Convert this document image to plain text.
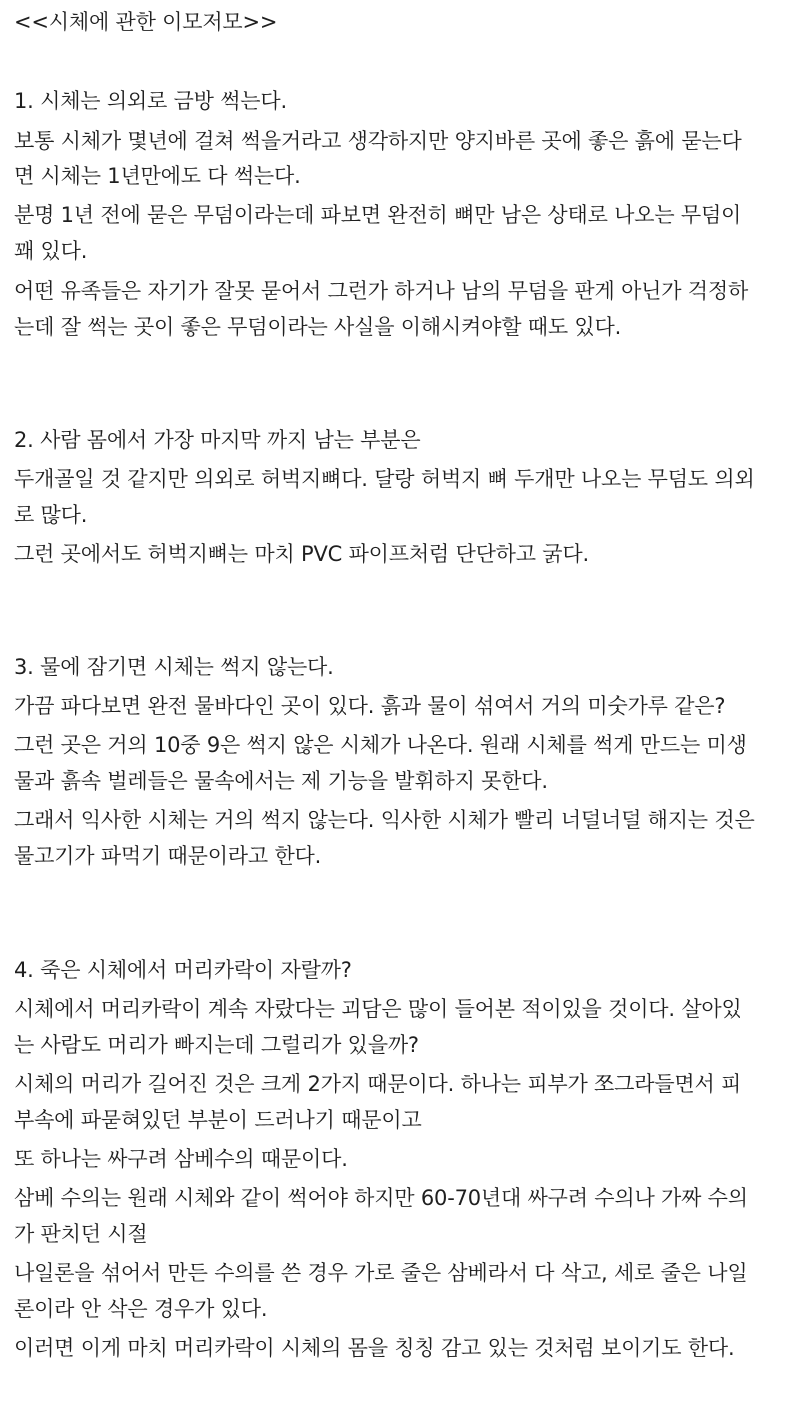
<<시체에 관한 이모저모>>
1. 시체는 의외로 금방 썩는다.
보통 시체가 몇년에 걸쳐 썩을거라고 생각하지만 양지바른 곳에 좋은 흙에 묻는다
면 시체는 1년만에도 다 썩는다.
분명 1년 전에 묻은 무덤이라는데 파보면 완전히 뼈만 남은 상태로 나오는 무덤이
꽤 있다.
어떤 유족들은 자기가 잘못 묻어서 그런가 하거나 남의 무덤을 판게 아닌가 걱정하
는데 잘 썩는 곳이 좋은 무덤이라는 사실을 이해시켜야할 때도 있다.
2. 사람 몸에서 가장 마지막 까지 남는 부분은
두개골일 것 같지만 의외로 허벅지뼈다. 달랑 허벅지 뼈 두개만 나오는 무덤도 의외
로 많다.
그런 곳에서도 허벅지뼈는 마치 PVC 파이프처럼 단단하고 굵다.
3. 물에 잠기면 시체는 썩지 않는다.
가끔 파다보면 완전 물바다인 곳이 있다. 흙과 물이 섞여서 거의 미숫가루 같은?
그런 곳은 거의 10중 9은 썩지 않은 시체가 나온다. 원래 시체를 썩게 만드는 미생
물과 흙속 벌레들은 물속에서는 제 기능을 발휘하지 못한다.
그래서 익사한 시체는 거의 썩지 않는다. 익사한 시체가 빨리 너덜너덜 해지는 것은
물고기가 파먹기 때문이라고 한다.
4. 죽은 시체에서 머리카락이 자랄까?
시체에서 머리카락이 계속 자랐다는 괴담은 많이 들어본 적이있을 것이다. 살아있
는 사람도 머리가 빠지는데 그럴리가 있을까?
시체의 머리가 길어진 것은 크게 2가지 때문이다. 하나는 피부가 쪼그라들면서 피
부속에 파묻혀있던 부분이 드러나기 때문이고
또 하나는 싸구려 삼베수의 때문이다.
삼베 수의는 원래 시체와 같이 썩어야 하지만 60-70년대 싸구려 수의나 가짜 수의
가 판치던 시절
나일론을 섞어서 만든 수의를 쓴 경우 가로 줄은 삼베라서 다 삭고, 세로 줄은 나일
론이라 안 삭은 경우가 있다.
이러면 이게 마치 머리카락이 시체의 몸을 칭칭 감고 있는 것처럼 보이기도 한다.
